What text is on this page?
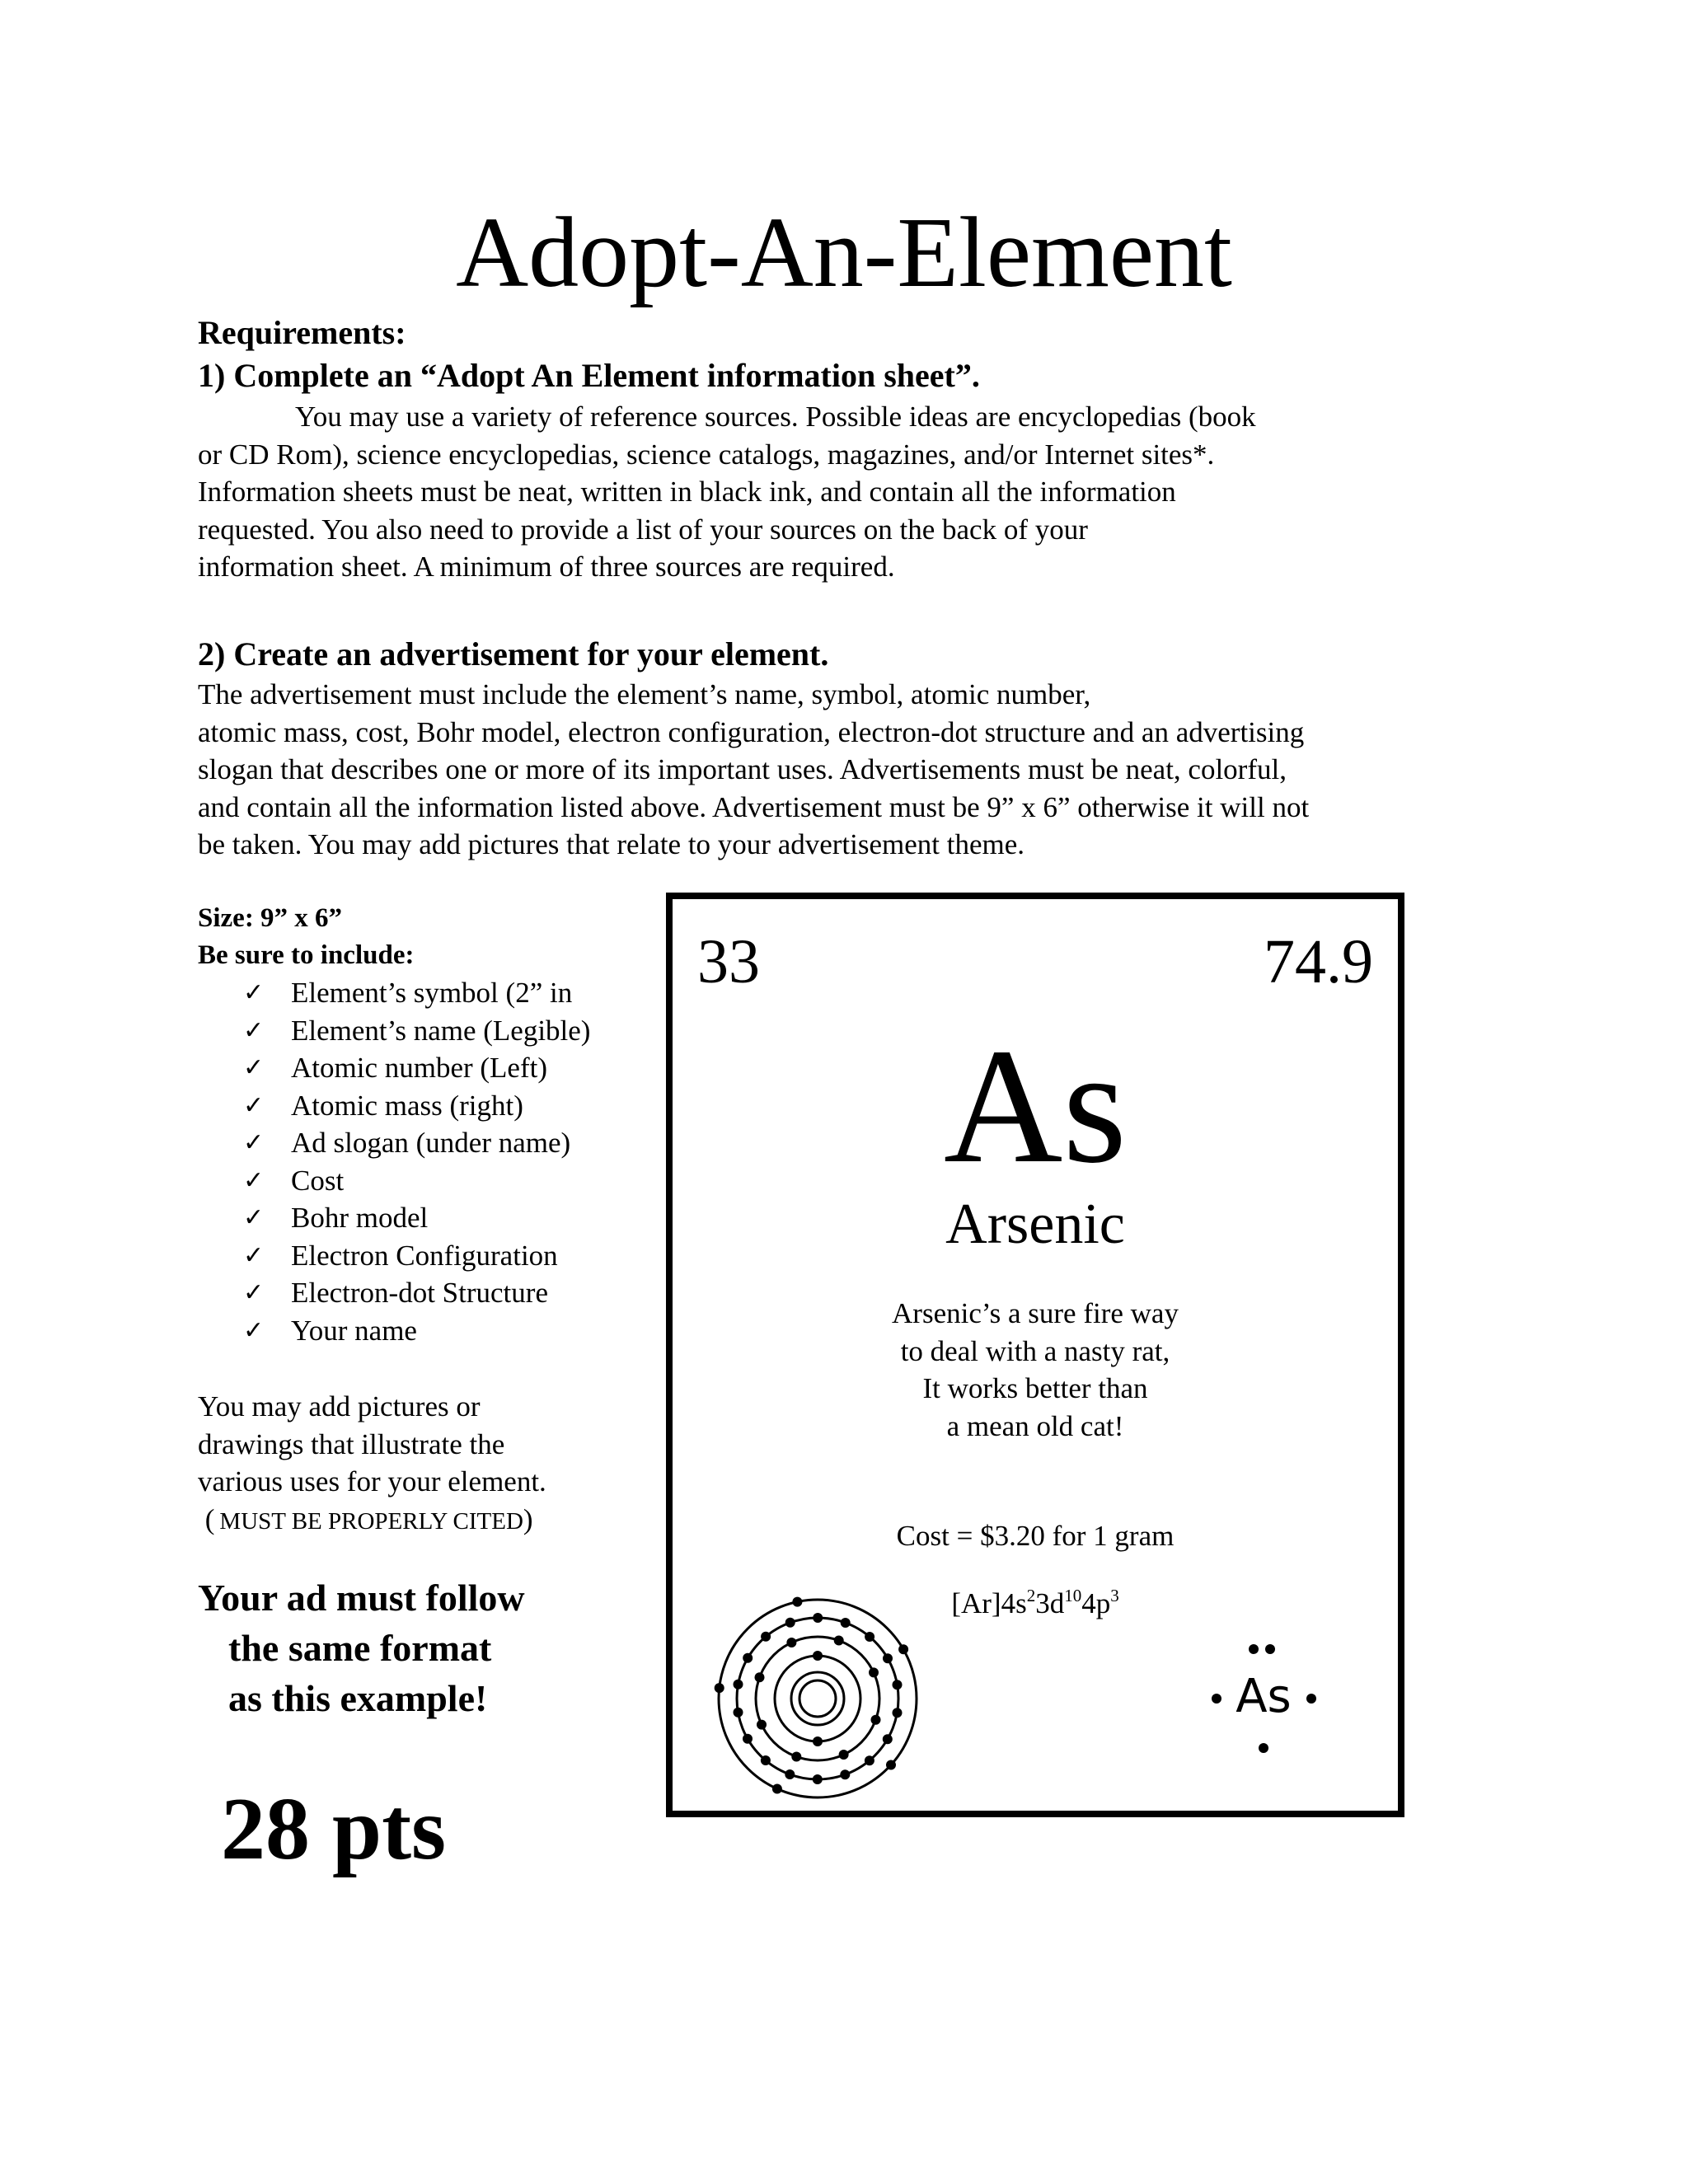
Adopt-An-Element
Requirements:
1) Complete an “Adopt An Element information sheet”.
You may use a variety of reference sources. Possible ideas are encyclopedias (book
or CD Rom), science encyclopedias, science catalogs, magazines, and/or Internet sites*.
Information sheets must be neat, written in black ink, and contain all the information
requested. You also need to provide a list of your sources on the back of your
information sheet. A minimum of three sources are required.
2) Create an advertisement for your element.
The advertisement must include the element’s name, symbol, atomic number,
atomic mass, cost, Bohr model, electron configuration, electron-dot structure and an advertising
slogan that describes one or more of its important uses. Advertisements must be neat, colorful,
and contain all the information listed above. Advertisement must be 9” x 6” otherwise it will not
be taken. You may add pictures that relate to your advertisement theme.
Size: 9” x 6”
Be sure to include:
✓ Element’s symbol (2” in
✓ Element’s name (Legible)
✓ Atomic number (Left)
✓ Atomic mass (right)
✓ Ad slogan (under name)
✓ Cost
✓ Bohr model
✓ Electron Configuration
✓ Electron-dot Structure
✓ Your name
You may add pictures or
drawings that illustrate the
various uses for your element.
( MUST BE PROPERLY CITED)
Your ad must follow
the same format
as this example!
28 pts
33	74.9
As
Arsenic
Arsenic’s a sure fire way
to deal with a nasty rat,
It works better than
a mean old cat!
Cost = $3.20 for 1 gram
$[Ar]4s^23d^{10}4p^3$
As
